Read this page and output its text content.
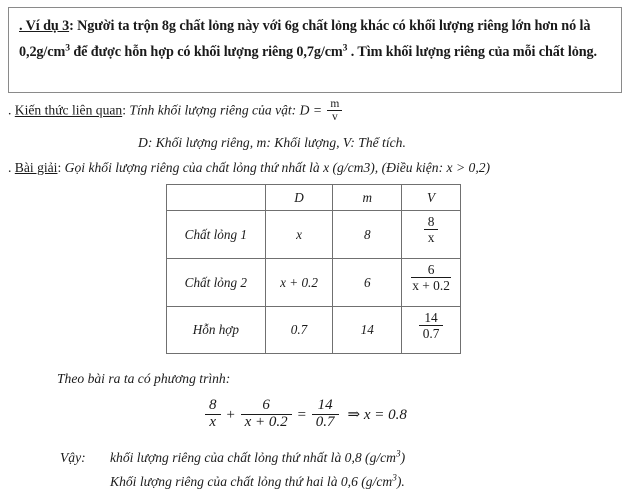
. Ví dụ 3: Người ta trộn 8g chất lỏng này với 6g chất lỏng khác có khối lượng riêng lớn hơn nó là $0,2g/cm^3$ để được hỗn hợp có khối lượng riêng $0,7g/cm^3$ . Tìm khối lượng riêng của mỗi chất lỏng.
. Kiến thức liên quan: Tính khối lượng riêng của vật: $D = \frac{m}{v}$
D: Khối lượng riêng, m: Khối lượng, V: Thể tích.
. Bài giải: Gọi khối lượng riêng của chất lỏng thứ nhất là x (g/cm3), (Điều kiện: x > 0,2)
	D	m	V
Chất lỏng 1	x	8	$\frac{8}{x}$

Chất lỏng 2	x + 0.2	6	$\frac{6}{x + 0.2}$

Hỗn hợp	0.7	14	$\frac{14}{0.7}$
Theo bài ra ta có phương trình:
$\frac{8}{x} + \frac{6}{x + 0.2} = \frac{14}{0.7}$ ⇒ x = 0.8
Vậy: khối lượng riêng của chất lỏng thứ nhất là 0,8 $(g/cm^3)$
Khối lượng riêng của chất lỏng thứ hai là 0,6 $(g/cm^3)$.
